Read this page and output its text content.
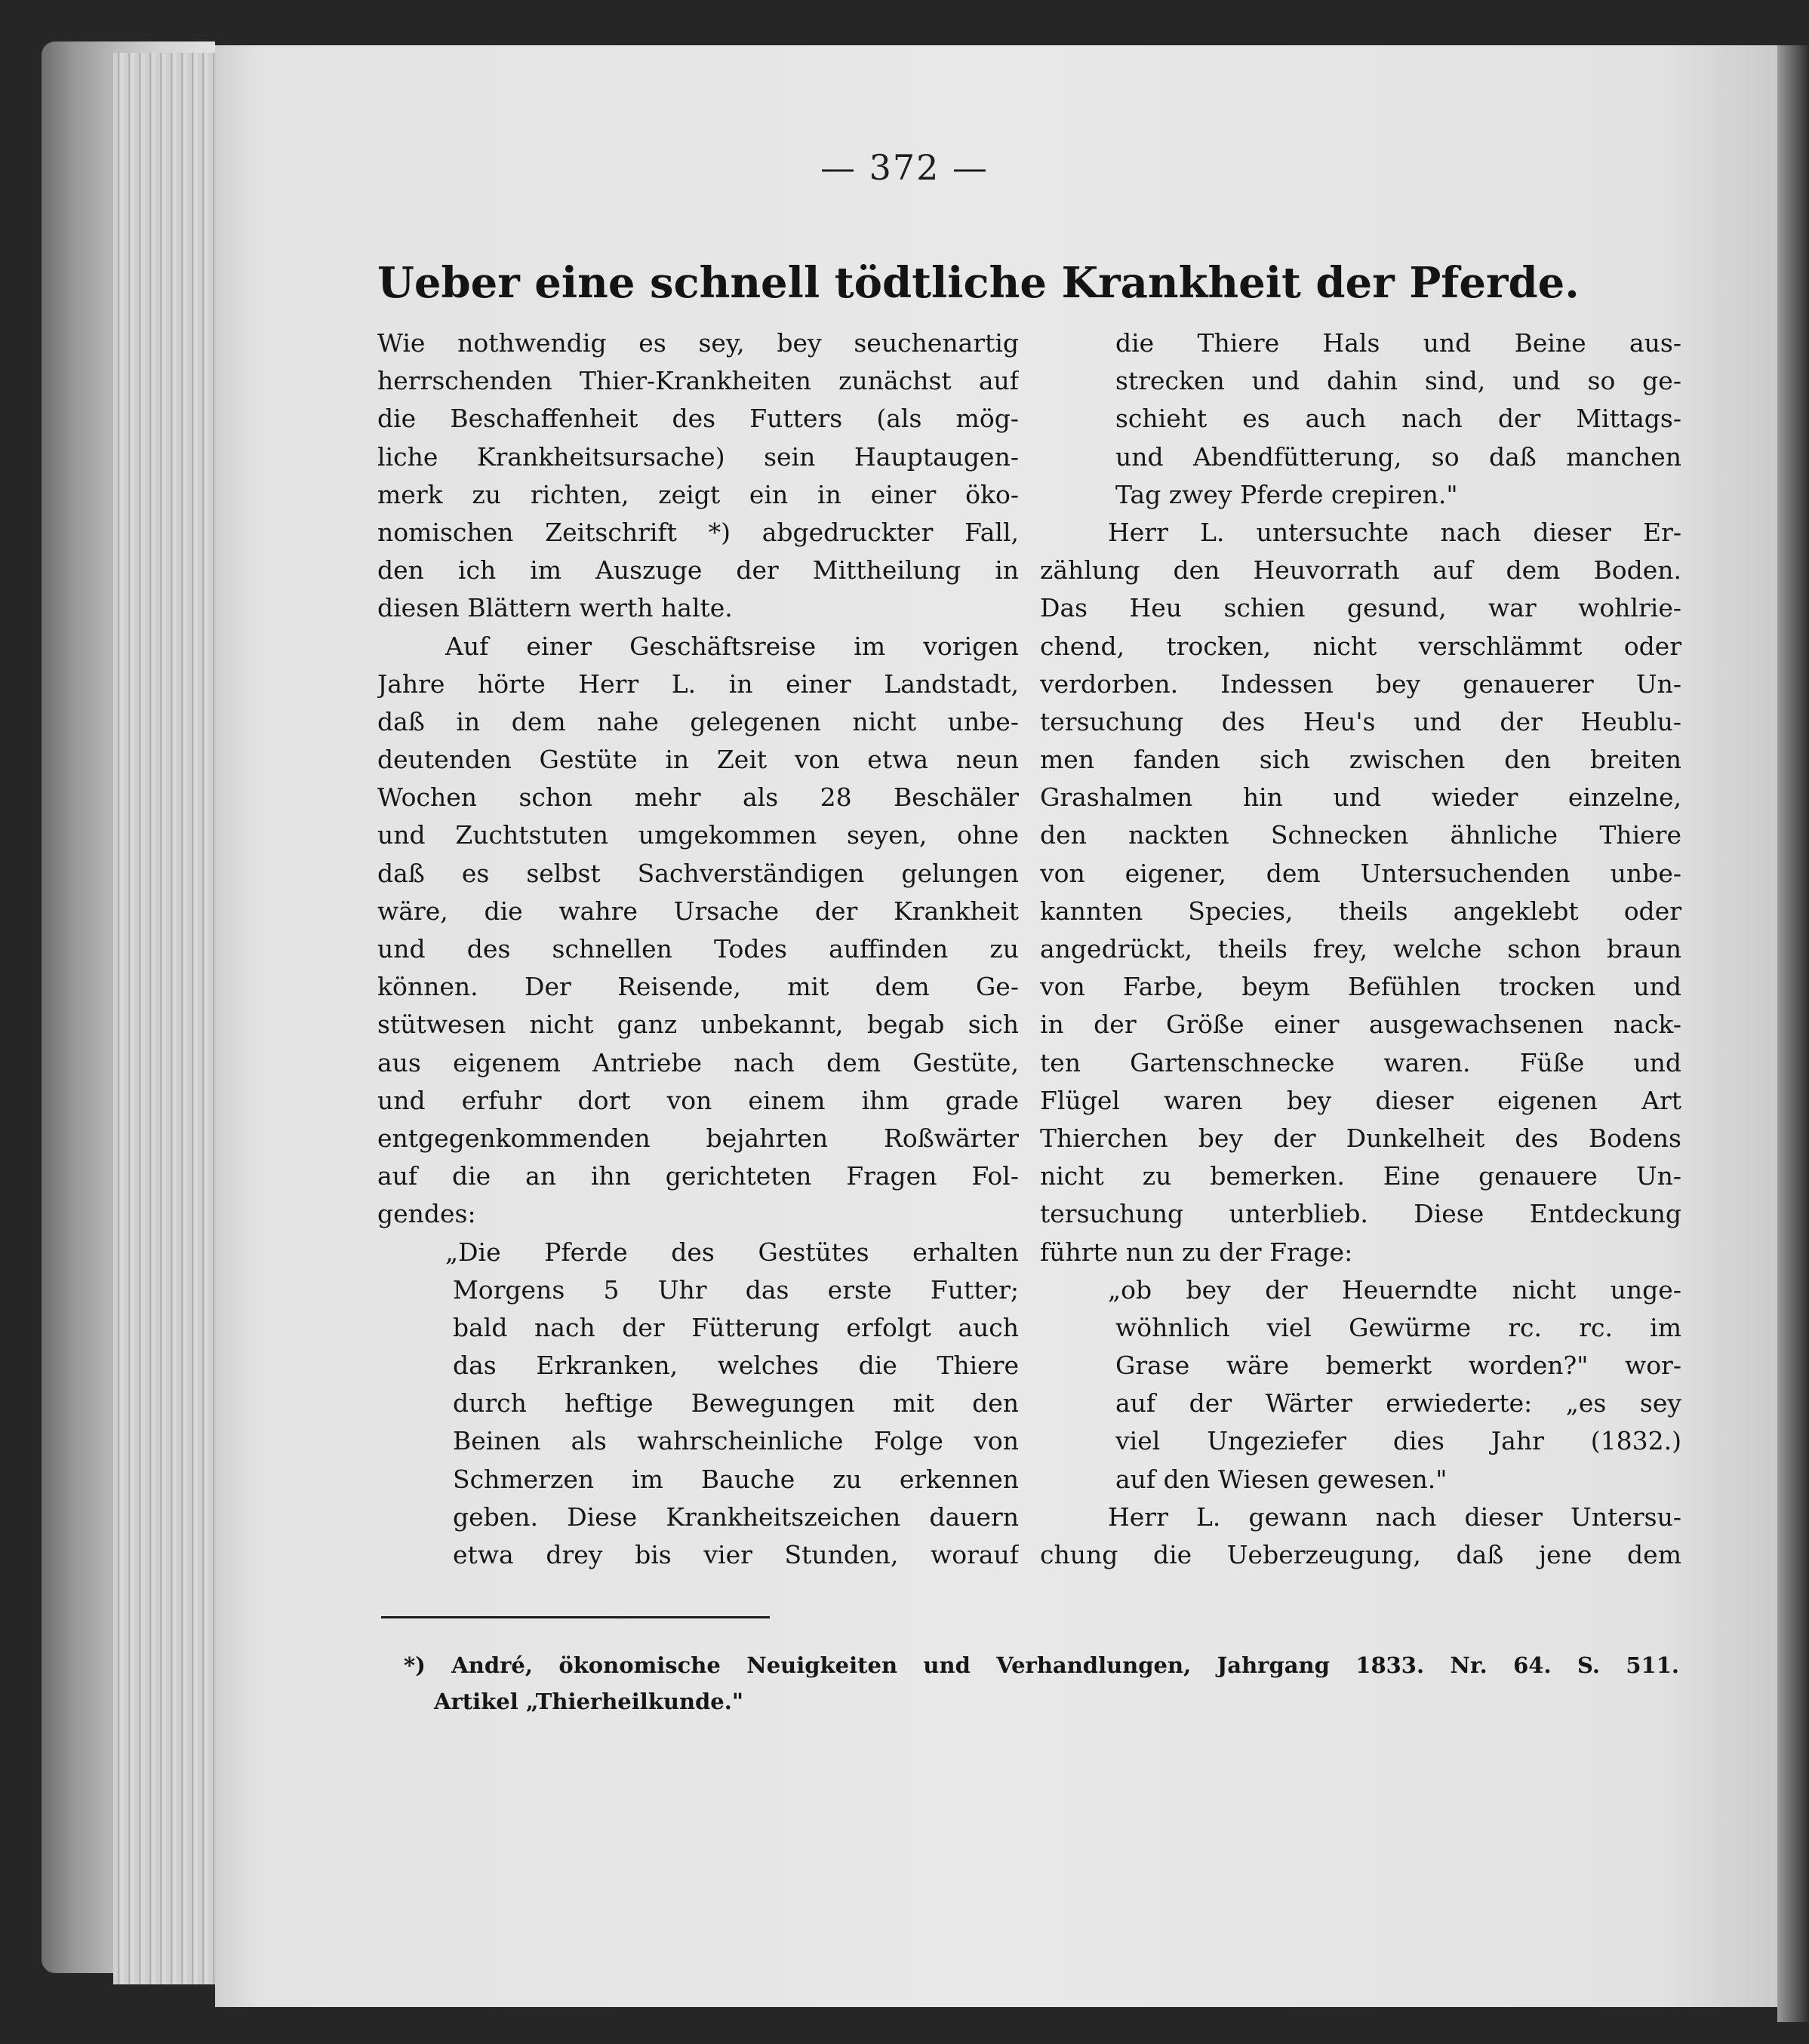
— 372 —
Ueber eine schnell tödtliche Krankheit der Pferde.
Wie nothwendig es sey, bey seuchenartig
herrschenden Thier-Krankheiten zunächst auf
die Beschaffenheit des Futters (als mög-
liche Krankheitsursache) sein Hauptaugen-
merk zu richten, zeigt ein in einer öko-
nomischen Zeitschrift *) abgedruckter Fall,
den ich im Auszuge der Mittheilung in
diesen Blättern werth halte.
Auf einer Geschäftsreise im vorigen
Jahre hörte Herr L. in einer Landstadt,
daß in dem nahe gelegenen nicht unbe-
deutenden Gestüte in Zeit von etwa neun
Wochen schon mehr als 28 Beschäler
und Zuchtstuten umgekommen seyen, ohne
daß es selbst Sachverständigen gelungen
wäre, die wahre Ursache der Krankheit
und des schnellen Todes auffinden zu
können. Der Reisende, mit dem Ge-
stütwesen nicht ganz unbekannt, begab sich
aus eigenem Antriebe nach dem Gestüte,
und erfuhr dort von einem ihm grade
entgegenkommenden bejahrten Roßwärter
auf die an ihn gerichteten Fragen Fol-
gendes:
„Die Pferde des Gestütes erhalten
Morgens 5 Uhr das erste Futter;
bald nach der Fütterung erfolgt auch
das Erkranken, welches die Thiere
durch heftige Bewegungen mit den
Beinen als wahrscheinliche Folge von
Schmerzen im Bauche zu erkennen
geben. Diese Krankheitszeichen dauern
etwa drey bis vier Stunden, worauf
die Thiere Hals und Beine aus-
strecken und dahin sind, und so ge-
schieht es auch nach der Mittags-
und Abendfütterung, so daß manchen
Tag zwey Pferde crepiren."
Herr L. untersuchte nach dieser Er-
zählung den Heuvorrath auf dem Boden.
Das Heu schien gesund, war wohlrie-
chend, trocken, nicht verschlämmt oder
verdorben. Indessen bey genauerer Un-
tersuchung des Heu's und der Heublu-
men fanden sich zwischen den breiten
Grashalmen hin und wieder einzelne,
den nackten Schnecken ähnliche Thiere
von eigener, dem Untersuchenden unbe-
kannten Species, theils angeklebt oder
angedrückt, theils frey, welche schon braun
von Farbe, beym Befühlen trocken und
in der Größe einer ausgewachsenen nack-
ten Gartenschnecke waren. Füße und
Flügel waren bey dieser eigenen Art
Thierchen bey der Dunkelheit des Bodens
nicht zu bemerken. Eine genauere Un-
tersuchung unterblieb. Diese Entdeckung
führte nun zu der Frage:
„ob bey der Heuerndte nicht unge-
wöhnlich viel Gewürme rc. rc. im
Grase wäre bemerkt worden?" wor-
auf der Wärter erwiederte: „es sey
viel Ungeziefer dies Jahr (1832.)
auf den Wiesen gewesen."
Herr L. gewann nach dieser Untersu-
chung die Ueberzeugung, daß jene dem
*) André, ökonomische Neuigkeiten und Verhandlungen, Jahrgang 1833. Nr. 64. S. 511.
Artikel „Thierheilkunde."
